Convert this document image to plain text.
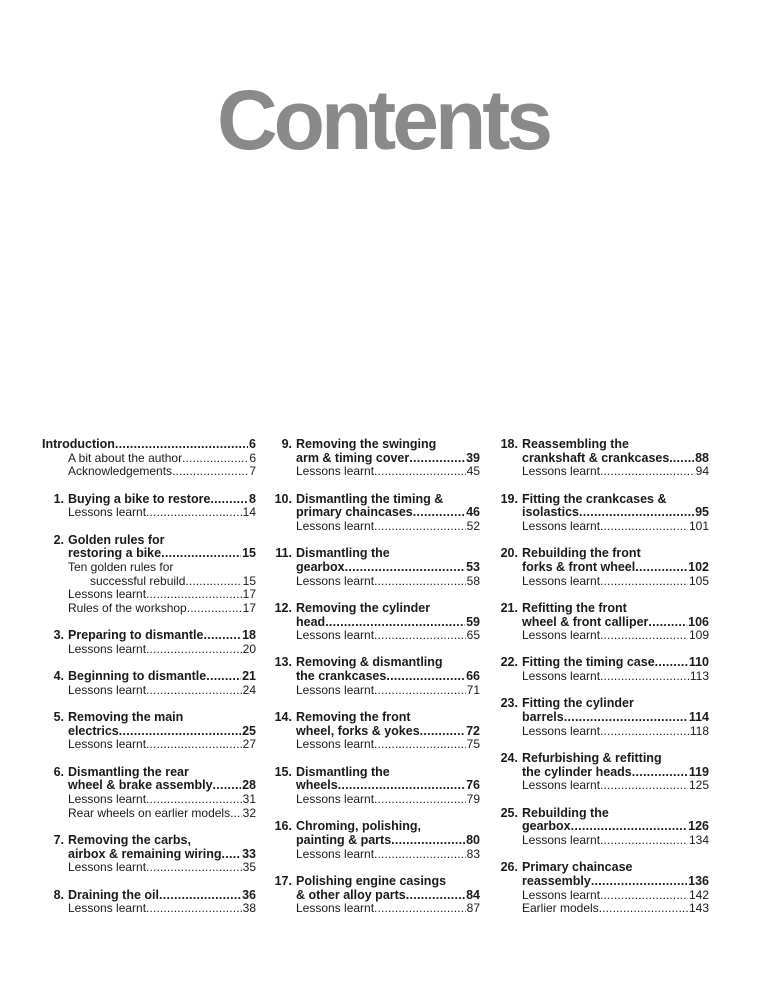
Contents
Introduction . . .	6
A bit about the author . . .	6
Acknowledgements . . .	7
1. Buying a bike to restore . . .	8
Lessons learnt . . .	14
2. Golden rules for
restoring a bike . . .	15
Ten golden rules for
successful rebuild . . .	15
Lessons learnt . . .	17
Rules of the workshop . . .	17
3. Preparing to dismantle . . .	18
Lessons learnt . . .	20
4. Beginning to dismantle . . .	21
Lessons learnt . . .	24
5. Removing the main
electrics . . .	25
Lessons learnt . . .	27
6. Dismantling the rear
wheel & brake assembly . . . 28
Lessons learnt . . .	31
Rear wheels on earlier models . . . 32
7. Removing the carbs,
airbox & remaining wiring . . . 33
Lessons learnt . . .	35
8. Draining the oil . . .	36
Lessons learnt . . .	38
9. Removing the swinging
arm & timing cover . . .	39
Lessons learnt . . .	45
10. Dismantling the timing &
primary chaincases . . .	46
Lessons learnt . . .	52
11. Dismantling the
gearbox . . .	53
Lessons learnt . . .	58
12. Removing the cylinder
head . . .	59
Lessons learnt . . .	65
13. Removing & dismantling
the crankcases . . .	66
Lessons learnt . . .	71
14. Removing the front
wheel, forks & yokes . . .	72
Lessons learnt . . .	75
15. Dismantling the
wheels . . .	76
Lessons learnt . . .	79
16. Chroming, polishing,
painting & parts . . .	80
Lessons learnt . . .	83
17. Polishing engine casings
& other alloy parts . . .	84
Lessons learnt . . .	87
18. Reassembling the
crankshaft & crankcases. . . . 88
Lessons learnt . . .	94
19. Fitting the crankcases &
isolastics . . .	95
Lessons learnt . . .	101
20. Rebuilding the front
forks & front wheel . . .	102
Lessons learnt . . .	105
21. Refitting the front
wheel & front calliper . . .	106
Lessons learnt . . .	109
22. Fitting the timing case . . .	110
Lessons learnt . . .	113
23. Fitting the cylinder
barrels . . .	114
Lessons learnt . . .	118
24. Refurbishing & refitting
the cylinder heads . . .	119
Lessons learnt . . .	125
25. Rebuilding the
gearbox . . .	126
Lessons learnt . . .	134
26. Primary chaincase
reassembly . . .	136
Lessons learnt . . .	142
Earlier models . . .	143
